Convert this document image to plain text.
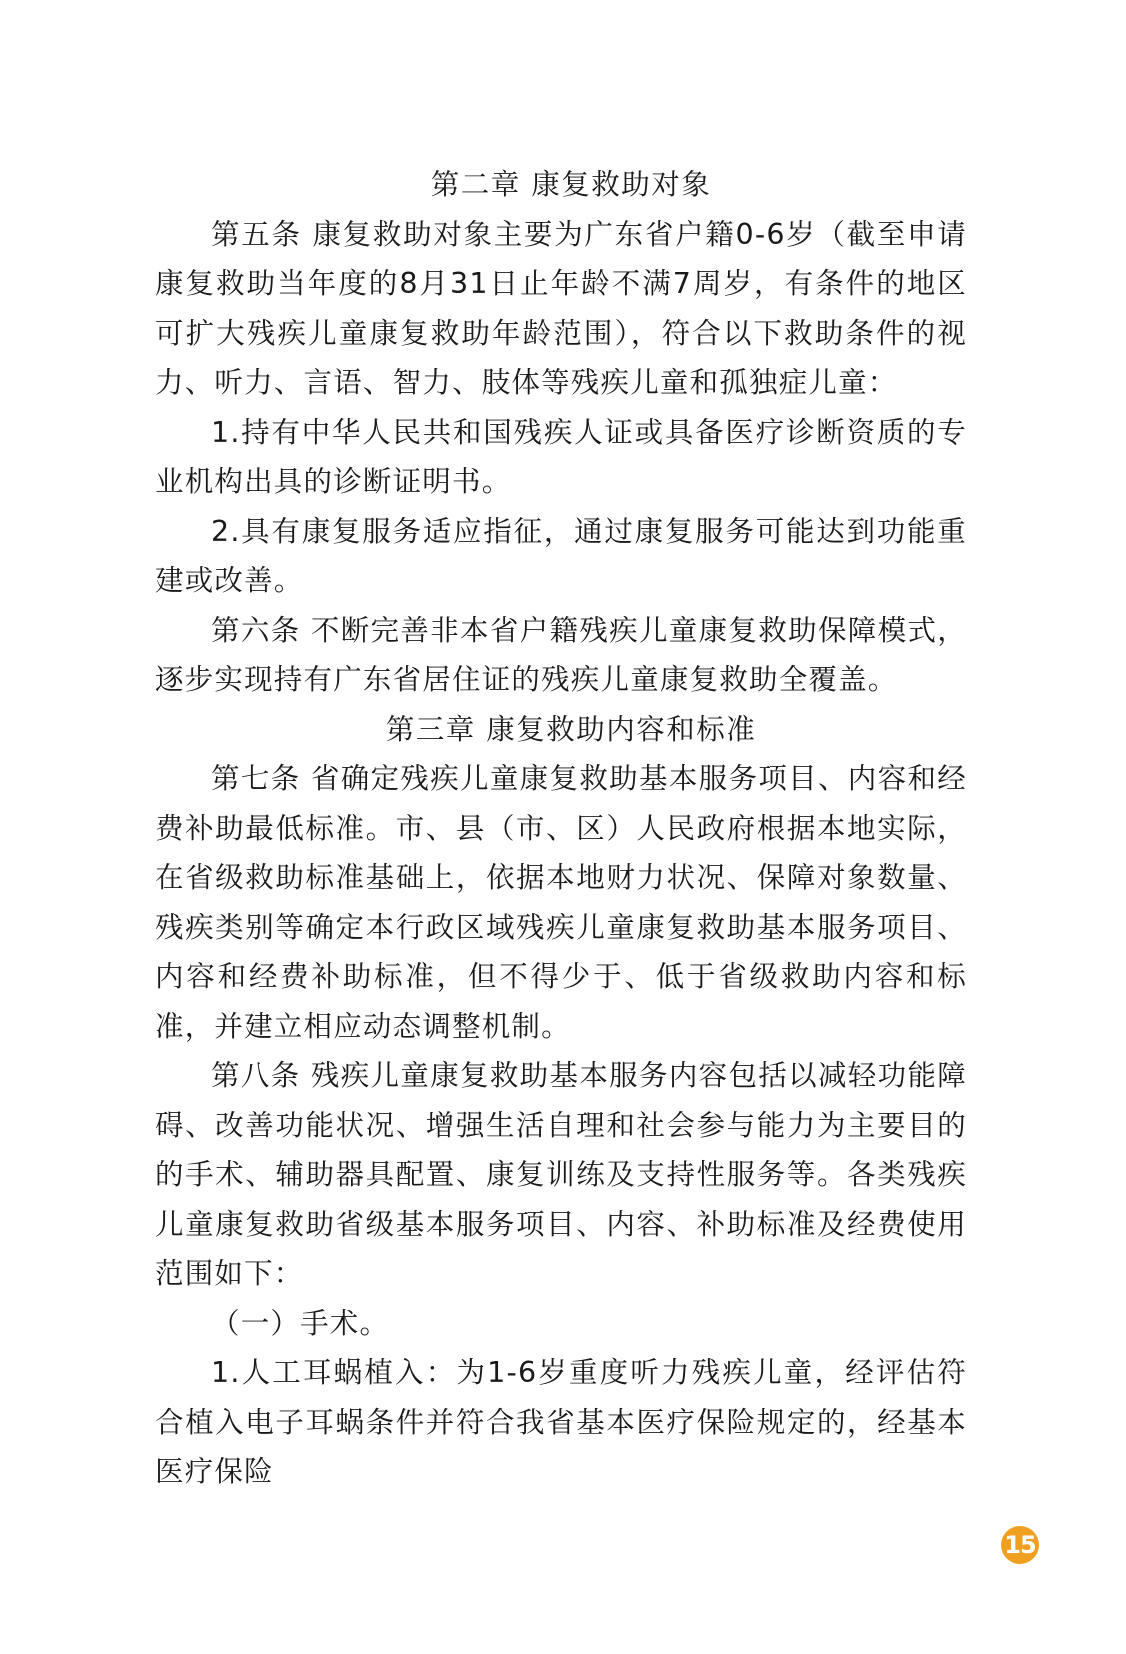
第二章 康复救助对象

第五条 康复救助对象主要为广东省户籍0-6岁（截至申请康复救助当年度的8月31日止年龄不满7周岁，有条件的地区可扩大残疾儿童康复救助年龄范围），符合以下救助条件的视力、听力、言语、智力、肢体等残疾儿童和孤独症儿童：

1.持有中华人民共和国残疾人证或具备医疗诊断资质的专业机构出具的诊断证明书。

2.具有康复服务适应指征，通过康复服务可能达到功能重建或改善。

第六条 不断完善非本省户籍残疾儿童康复救助保障模式，逐步实现持有广东省居住证的残疾儿童康复救助全覆盖。

第三章 康复救助内容和标准

第七条 省确定残疾儿童康复救助基本服务项目、内容和经费补助最低标准。市、县（市、区）人民政府根据本地实际，在省级救助标准基础上，依据本地财力状况、保障对象数量、残疾类别等确定本行政区域残疾儿童康复救助基本服务项目、内容和经费补助标准，但不得少于、低于省级救助内容和标准，并建立相应动态调整机制。

第八条 残疾儿童康复救助基本服务内容包括以减轻功能障碍、改善功能状况、增强生活自理和社会参与能力为主要目的的手术、辅助器具配置、康复训练及支持性服务等。各类残疾儿童康复救助省级基本服务项目、内容、补助标准及经费使用范围如下：

（一）手术。

1.人工耳蜗植入：为1-6岁重度听力残疾儿童，经评估符合植入电子耳蜗条件并符合我省基本医疗保险规定的，经基本医疗保险

15
